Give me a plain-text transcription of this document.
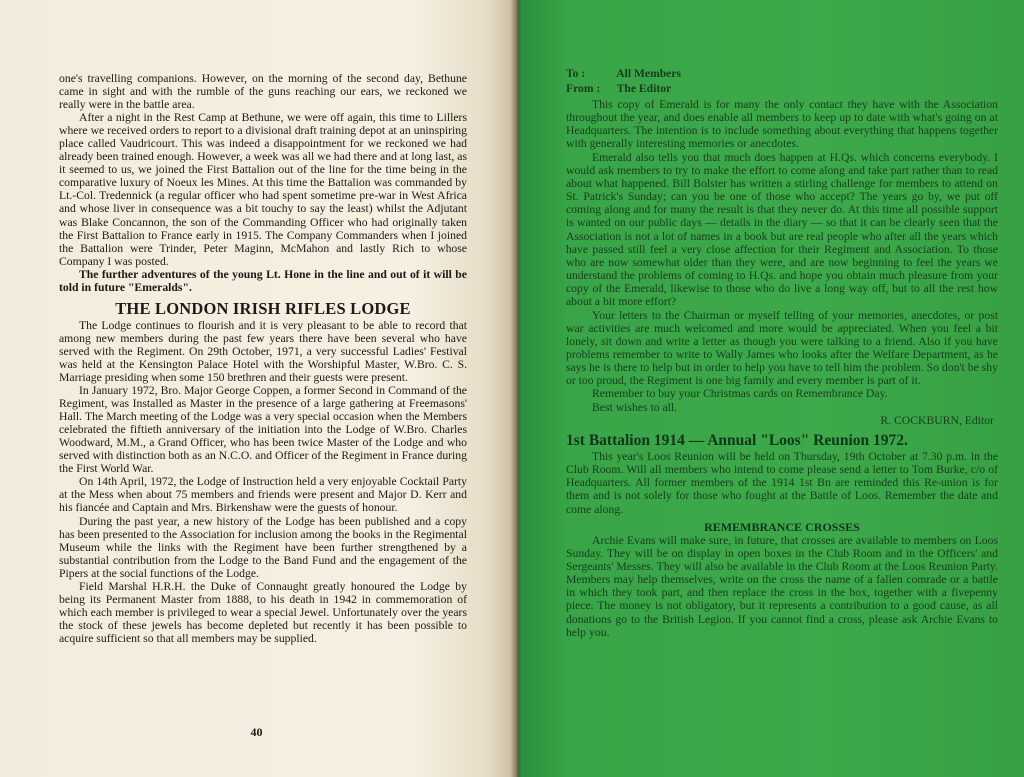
one's travelling companions. However, on the morning of the second day, Bethune came in sight and with the rumble of the guns reaching our ears, we reckoned we really were in the battle area.

After a night in the Rest Camp at Bethune, we were off again, this time to Lillers where we received orders to report to a divisional draft training depot at an uninspiring place called Vaudricourt. This was indeed a disappointment for we reckoned we had already been trained enough. However, a week was all we had there and at long last, as it seemed to us, we joined the First Battalion out of the line for the time being in the comparative luxury of Noeux les Mines. At this time the Battalion was commanded by Lt.-Col. Tredennick (a regular officer who had spent sometime pre-war in West Africa and whose liver in consequence was a bit touchy to say the least) whilst the Adjutant was Blake Concannon, the son of the Commanding Officer who had originally taken the First Battalion to France early in 1915. The Company Commanders when I joined the Battalion were Trinder, Peter Maginn, McMahon and lastly Rich to whose Company I was posted.

The further adventures of the young Lt. Hone in the line and out of it will be told in future "Emeralds".

THE LONDON IRISH RIFLES LODGE

The Lodge continues to flourish and it is very pleasant to be able to record that among new members during the past few years there have been several who have served with the Regiment. On 29th October, 1971, a very successful Ladies' Festival was held at the Kensington Palace Hotel with the Worshipful Master, W.Bro. C. S. Marriage presiding when some 150 brethren and their guests were present.

In January 1972, Bro. Major George Coppen, a former Second in Command of the Regiment, was Installed as Master in the presence of a large gathering at Freemasons' Hall. The March meeting of the Lodge was a very special occasion when the Members celebrated the fiftieth anniversary of the initiation into the Lodge of W.Bro. Charles Woodward, M.M., a Grand Officer, who has been twice Master of the Lodge and who served with distinction both as an N.C.O. and Officer of the Regiment in France during the First World War.

On 14th April, 1972, the Lodge of Instruction held a very enjoyable Cocktail Party at the Mess when about 75 members and friends were present and Major D. Kerr and his fiancée and Captain and Mrs. Birkenshaw were the guests of honour.

During the past year, a new history of the Lodge has been published and a copy has been presented to the Association for inclusion among the books in the Regimental Museum while the links with the Regiment have been further strengthened by a substantial contribution from the Lodge to the Band Fund and the engagement of the Pipers at the social functions of the Lodge.

Field Marshal H.R.H. the Duke of Connaught greatly honoured the Lodge by being its Permanent Master from 1888, to his death in 1942 in commemoration of which each member is privileged to wear a special Jewel. Unfortunately over the years the stock of these jewels has become depleted but recently it has been possible to acquire sufficient so that all members may be supplied.

40
To :	All Members
From : The Editor

This copy of Emerald is for many the only contact they have with the Association throughout the year, and does enable all members to keep up to date with what's going on at Headquarters. The intention is to include something about everything that happens together with generally interesting memories or anecdotes.

Emerald also tells you that much does happen at H.Qs. which concerns everybody. I would ask members to try to make the effort to come along and take part rather than to read about what happened. Bill Bolster has written a stirling challenge for members to attend on St. Patrick's Sunday; can you be one of those who accept? The years go by, we put off coming along and for many the result is that they never do. At this time all possible support is wanted on our public days — details in the diary — so that it can be clearly seen that the Association is not a lot of names in a book but are real people who after all the years which have passed still feel a very close affection for their Regiment and Association. To those who are now somewhat older than they were, and are now beginning to feel the years we understand the problems of coming to H.Qs. and hope you obtain much pleasure from your copy of the Emerald, likewise to those who do live a long way off, but to all the rest how about a bit more effort?

Your letters to the Chairman or myself telling of your memories, anecdotes, or post war activities are much welcomed and more would be appreciated. When you feel a bit lonely, sit down and write a letter as though you were talking to a friend. Also if you have problems remember to write to Wally James who looks after the Welfare Department, as he says he is there to help but in order to help you have to tell him the problem. So don't be shy or too proud, the Regiment is one big family and every member is part of it.

Remember to buy your Christmas cards on Remembrance Day.

Best wishes to all.

R. COCKBURN, Editor

1st Battalion 1914 — Annual "Loos" Reunion 1972.

This year's Loos Reunion will be held on Thursday, 19th October at 7.30 p.m. in the Club Room. Will all members who intend to come please send a letter to Tom Burke, c/o of Headquarters. All former members of the 1914 1st Bn are reminded this Re-union is for them and is not solely for those who fought at the Battle of Loos. Remember the date and come along.

REMEMBRANCE CROSSES

Archie Evans will make sure, in future, that crosses are available to members on Loos Sunday. They will be on display in open boxes in the Club Room and in the Officers' and Sergeants' Messes. They will also be available in the Club Room at the Loos Reunion Party. Members may help themselves, write on the cross the name of a fallen comrade or a battle in which they took part, and then replace the cross in the box, together with a fivepenny piece. The money is not obligatory, but it represents a contribution to a good cause, as all donations go to the British Legion. If you cannot find a cross, please ask Archie Evans to help you.
